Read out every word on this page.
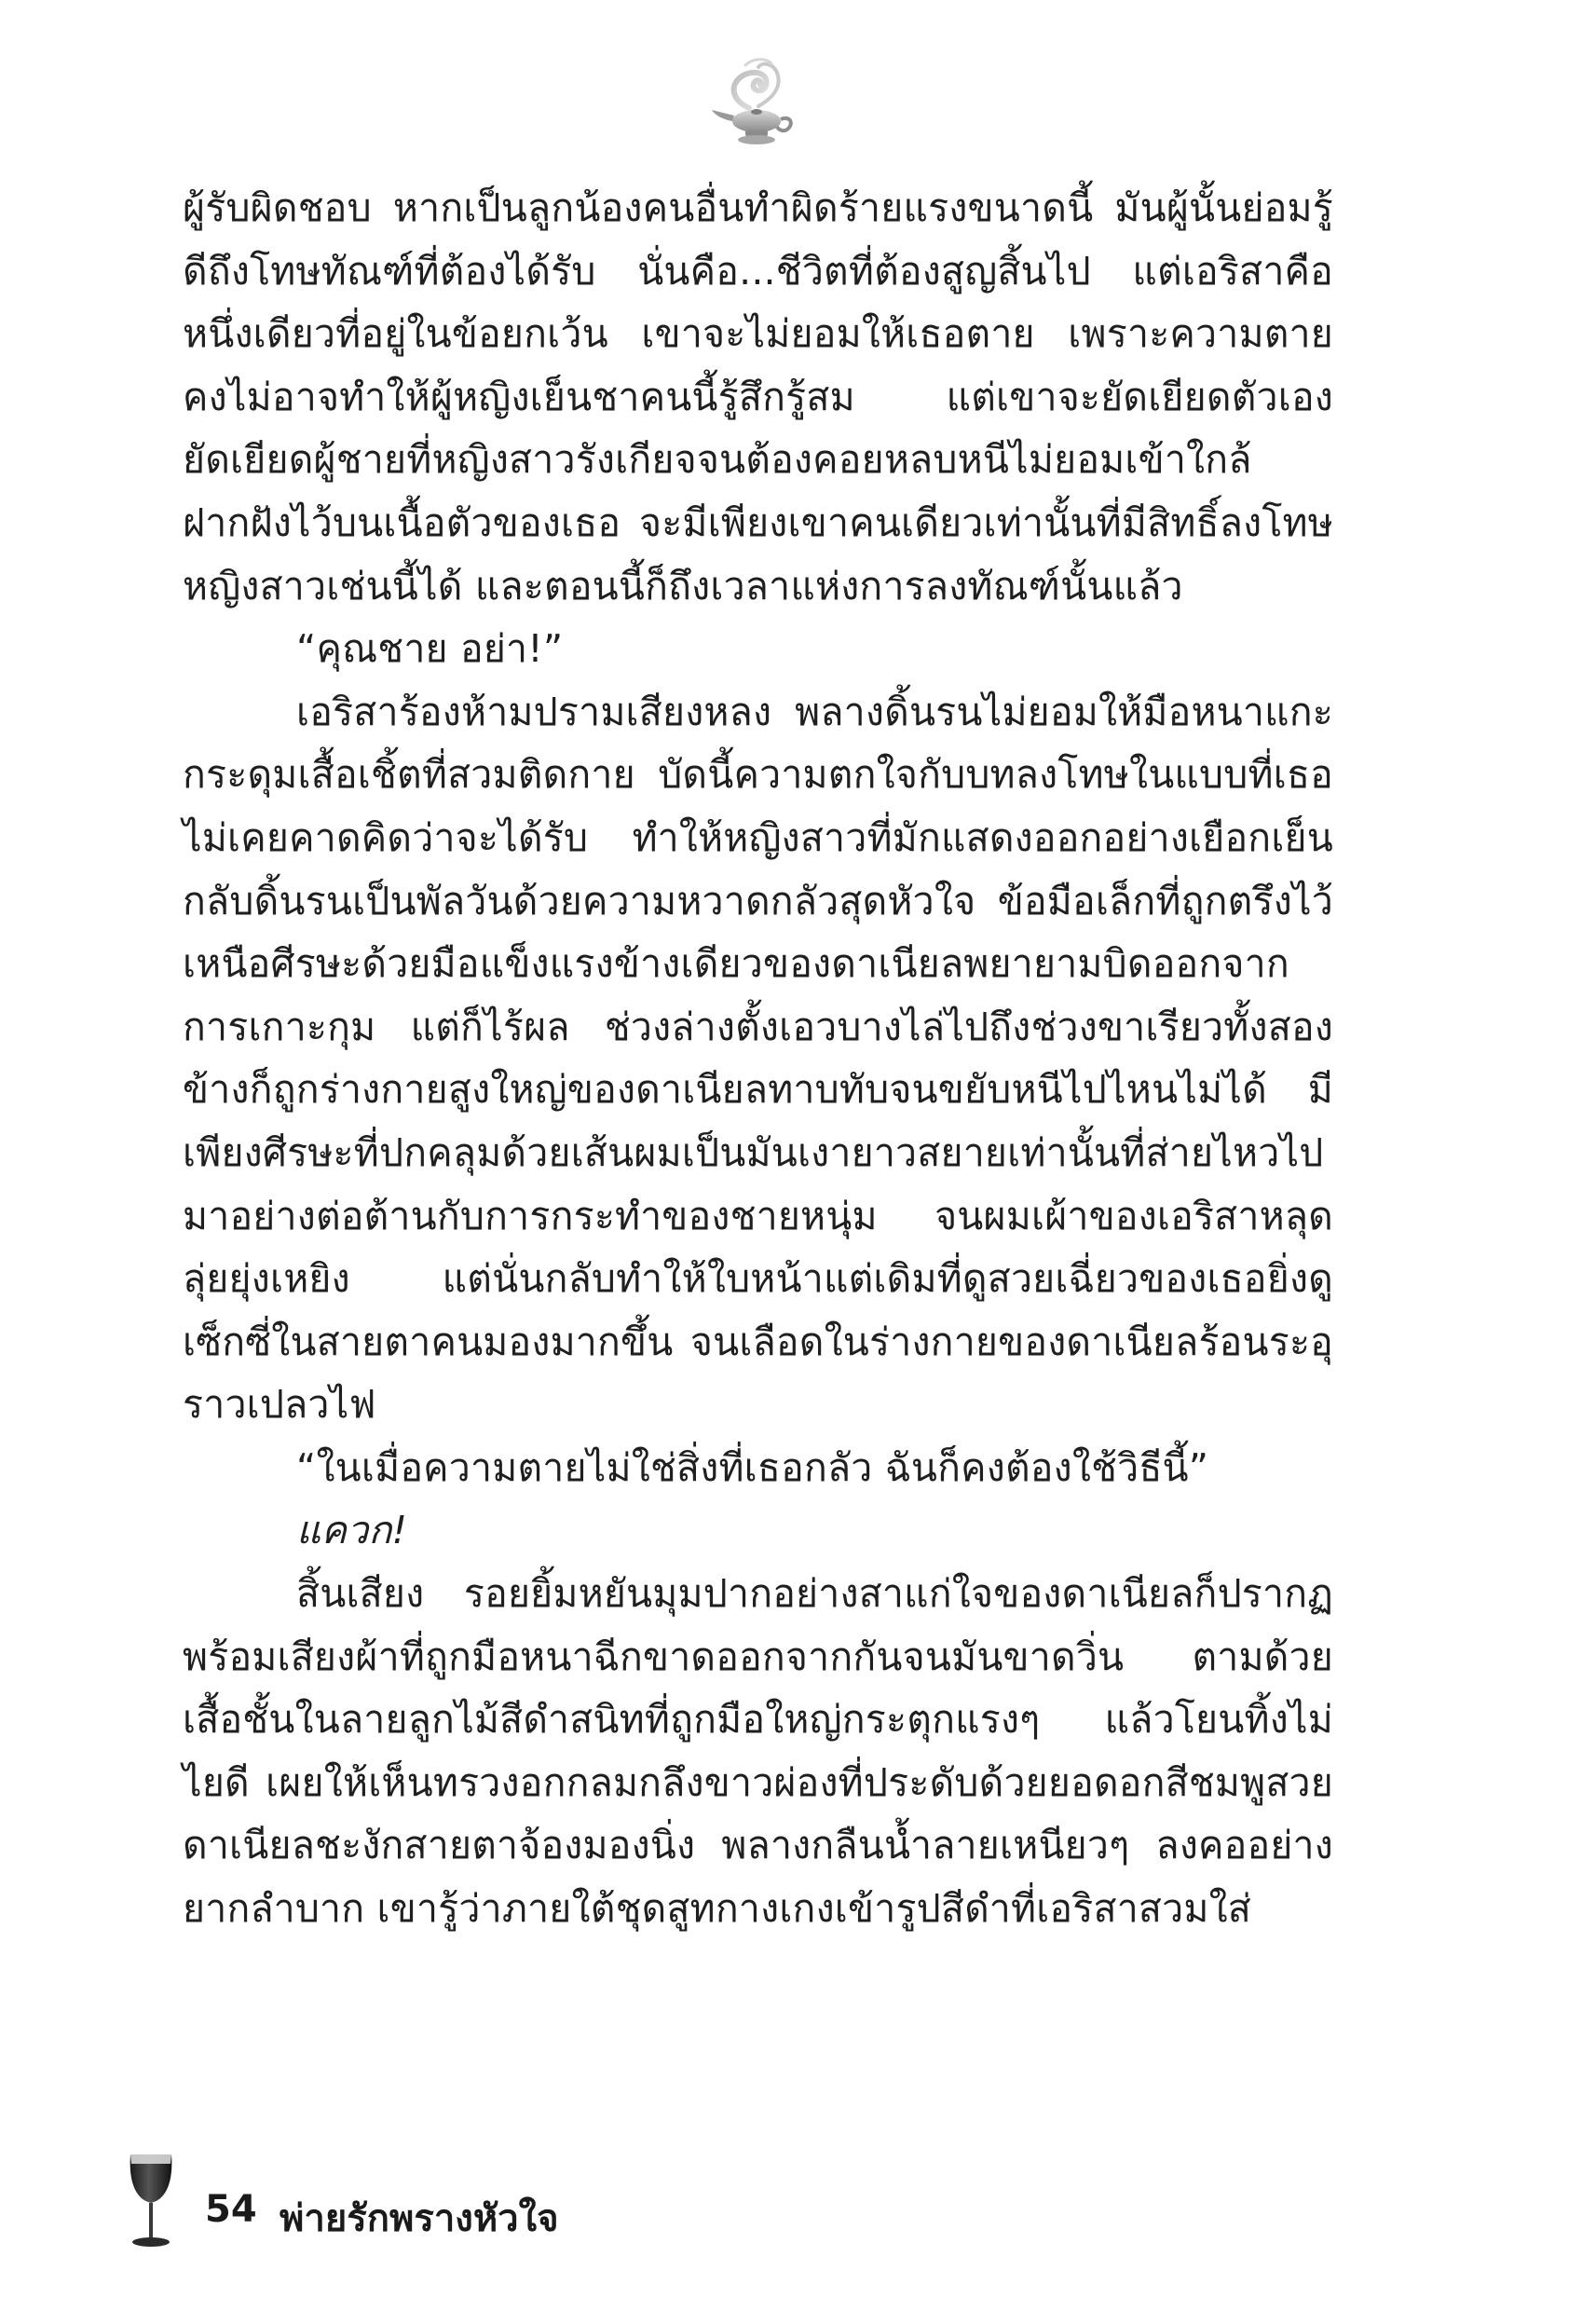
ผู้รับผิดชอบ หากเป็นลูกน้องคนอื่นทำผิดร้ายแรงขนาดนี้ มันผู้นั้นย่อมรู้ดีถึงโทษทัณฑ์ที่ต้องได้รับ นั่นคือ...ชีวิตที่ต้องสูญสิ้นไป แต่เอริสาคือหนึ่งเดียวที่อยู่ในข้อยกเว้น เขาจะไม่ยอมให้เธอตาย เพราะความตายคงไม่อาจทำให้ผู้หญิงเย็นชาคนนี้รู้สึกรู้สม แต่เขาจะยัดเยียดตัวเองยัดเยียดผู้ชายที่หญิงสาวรังเกียจจนต้องคอยหลบหนีไม่ยอมเข้าใกล้ฝากฝังไว้บนเนื้อตัวของเธอ จะมีเพียงเขาคนเดียวเท่านั้นที่มีสิทธิ์ลงโทษหญิงสาวเช่นนี้ได้ และตอนนี้ก็ถึงเวลาแห่งการลงทัณฑ์นั้นแล้ว

“คุณชาย อย่า!”

เอริสาร้องห้ามปรามเสียงหลง พลางดิ้นรนไม่ยอมให้มือหนาแกะกระดุมเสื้อเชิ้ตที่สวมติดกาย บัดนี้ความตกใจกับบทลงโทษในแบบที่เธอไม่เคยคาดคิดว่าจะได้รับ ทำให้หญิงสาวที่มักแสดงออกอย่างเยือกเย็นกลับดิ้นรนเป็นพัลวันด้วยความหวาดกลัวสุดหัวใจ ข้อมือเล็กที่ถูกตรึงไว้เหนือศีรษะด้วยมือแข็งแรงข้างเดียวของดาเนียลพยายามบิดออกจากการเกาะกุม แต่ก็ไร้ผล ช่วงล่างตั้งเอวบางไล่ไปถึงช่วงขาเรียวทั้งสองข้างก็ถูกร่างกายสูงใหญ่ของดาเนียลทาบทับจนขยับหนีไปไหนไม่ได้ มีเพียงศีรษะที่ปกคลุมด้วยเส้นผมเป็นมันเงายาวสยายเท่านั้นที่ส่ายไหวไปมาอย่างต่อต้านกับการกระทำของชายหนุ่ม จนผมเผ้าของเอริสาหลุดลุ่ยยุ่งเหยิง แต่นั่นกลับทำให้ใบหน้าแต่เดิมที่ดูสวยเฉี่ยวของเธอยิ่งดูเซ็กซี่ในสายตาคนมองมากขึ้น จนเลือดในร่างกายของดาเนียลร้อนระอุราวเปลวไฟ

“ในเมื่อความตายไม่ใช่สิ่งที่เธอกลัว ฉันก็คงต้องใช้วิธีนี้”

แควก!

สิ้นเสียง รอยยิ้มหยันมุมปากอย่างสาแก่ใจของดาเนียลก็ปรากฏพร้อมเสียงผ้าที่ถูกมือหนาฉีกขาดออกจากกันจนมันขาดวิ่น ตามด้วยเสื้อชั้นในลายลูกไม้สีดำสนิทที่ถูกมือใหญ่กระตุกแรงๆ แล้วโยนทิ้งไม่ไยดี เผยให้เห็นทรวงอกกลมกลึงขาวผ่องที่ประดับด้วยยอดอกสีชมพูสวย ดาเนียลชะงักสายตาจ้องมองนิ่ง พลางกลืนน้ำลายเหนียวๆ ลงคออย่างยากลำบาก เขารู้ว่าภายใต้ชุดสูทกางเกงเข้ารูปสีดำที่เอริสาสวมใส่

54 พ่ายรักพรางหัวใจ
